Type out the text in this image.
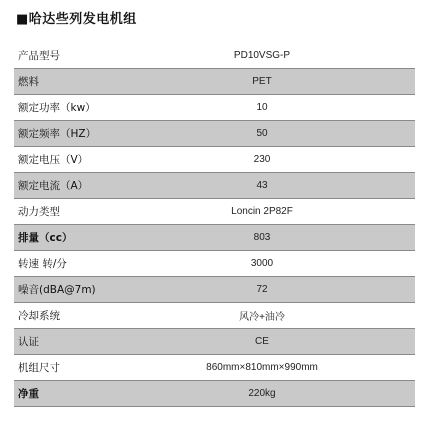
■哈达些列发电机组
产品型号	PD10VSG-P
燃料	PET
额定功率（kw）	10
额定频率（HZ）	50
额定电压（V）	230
额定电流（A）	43
动力类型	Loncin 2P82F
排量（cc）	803
转速 转/分	3000
噪音(dBA@7m)	72
冷却系统	风冷+油冷
认证	CE
机组尺寸	860mm×810mm×990mm
净重	220kg
